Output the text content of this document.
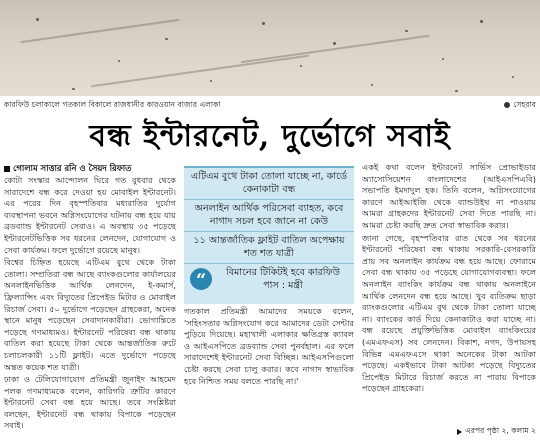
কারফিউ চলাকালে গতকাল বিকালে রাজধানীর কারওয়ান বাজার এলাকা	সেহরাব
বন্ধ ইন্টারনেট, দুর্ভোগে সবাই
গোলাম সাত্তার রনি ও সৈয়দ রিফাত

কোটা সংস্কার আন্দোলন ঘিরে গত বুধবার থেকে সারাদেশে বন্ধ করে দেওয়া হয় মোবাইল ইন্টারনেট। এর পরের দিন বৃহস্পতিবার মধ্যরাতির দুর্যোগ ব্যবস্থাপনা ভবনে অগ্নিসংযোগের ঘটনায় বন্ধ হয়ে যায় ব্রডব্যান্ড ইন্টারনেট সেবাও। এ অবস্থায় ৩৫ পড়েছে ইন্টারনেটভিত্তিক সব ধরনের লেনদেন, যোগাযোগ ও সেবা কার্যক্রম। ফলে দুর্ভোগে রয়েছে মানুষ।

বিশ্বের চিহ্নিত হয়েছে এটিএম বুথে থেকে টাকা তোলা। সম্প্রতিরা বন্ধ আছে ব্যাংকগুলোর কার্যালয়ের অনলাইনভিত্তিক আর্থিক লেনদেন, ই-কমার্স, ফ্রিল্যান্সিং এবং বিদ্যুতের প্রিপেইড মিটার ও মোবাইল রিচার্জ সেবা। ৫০ দুর্ভোগে পড়েছেন গ্রাহকেরা, অনেক স্থানে মানুষ পড়েছেন সেবাদানকারীরা। ভোগান্তিতে পড়েছে গণমাধ্যমও। ইন্টারনেট পরিষেবা বন্ধ থাকায় বাতিল করা হয়েছে টাকা থেকে আন্তর্জাতিক রুটে চলাচলকারী ১১টি ফ্লাইট। এতে দুর্ভোগে পড়েছে অন্তত কয়েক শত যাত্রী।

ঢাকা ও টেলিযোগাযোগ প্রতিমন্ত্রী জুনাইদ আহমেদ পলক গণমাধ্যমকে বলেন, কারিগরি ত্রুটির কারণে ইন্টারনেট সেবা বন্ধ হয়ে আছে। তবে সংশ্লিষ্টরা বলছেন, ইন্টারনেট বন্ধ থাকায় বিপাকে পড়েছেন সবাই।

এটিএম বুথে টাকা তোলা যাচ্ছে না, কার্ডে কেনাকাটা বন্ধ
অনলাইন আর্থিক পরিসেবা ব্যাহত, কবে নাগাদ সচল হবে জানে না কেউ
১১ আন্তর্জাতিক ফ্লাইট বাতিল অপেক্ষায় শত শত যাত্রী
“	বিমানের টিকিটই হবে কারফিউ পাস : মন্ত্রী

গতকাল প্রতিমন্ত্রী আমাদের সময়কে বলেন, 'সহিংসতার অগ্নিসংযোগ করে আমাদের ডেটা সেন্টার পুড়িয়ে দিয়েছে। মহাখালী এলাকার ক্ষতিগ্রস্ত ক্যাবল ও আইএসপিতে ব্রডব্যান্ড সেবা পুনর্বহাল। এর ফলে সারাদেশেই ইন্টারনেট সেবা বিচ্ছিন্ন। আইএসপিগুলো চেষ্টা করছে সেবা চালু করার। কবে নাগাদ স্বাভাবিক হবে নিশ্চিত সময় বলতে পারছি না।'

একই কথা বলেন ইন্টারনেট সার্ভিস প্রোভাইডার অ্যাসোসিয়েশন বাংলাদেশের (আইএসপিএবি) সভাপতি ইমদাদুল হক। তিনি বলেন, অগ্নিসংযোগের কারণে আইআইজি থেকে ব্যান্ডউইথ না পাওয়ায় আমরা গ্রাহকদের ইন্টারনেট সেবা দিতে পারছি না। আমরা চেষ্টা করছি দ্রুত সেবা স্বাভাবিক করার।

জানা গেছে, বৃহস্পতিবার রাত থেকে সব ধরনের ইন্টারনেট পরিষেবা বন্ধ থাকায় সরকারি-বেসরকারি প্রায় সব অনলাইন কার্যক্রম বন্ধ হয়ে আছে। ফোরামে সেবা বন্ধ থাকায় ৩৫ পড়েছে যোগাযোগব্যবস্থা। ফলে অনলাইন ব্যাংকিং কার্যক্রম বন্ধ থাকায় অনলাইনে আর্থিক লেনদেন বন্ধ হয়ে আছে। খুব ব্যতিক্রম ছাড়া ব্যাংকগুলোর এটিএম বুথ থেকে টাকা তোলা যাচ্ছে না। ব্যাংকের কার্ড দিয়ে কেনাকাটাও করা যাচ্ছে না। বন্ধ রয়েছে প্রযুক্তিভিত্তিক মোবাইল ব্যাংকিংয়ের (এমএফএস) সব লেনদেন। বিকাশ, নগদ, উপায়সহ বিভিন্ন এমএফএসে থাকা অনেকের টাকা আটকা পড়েছে। একইভাবে টাকা আটকা পড়েছে বিদ্যুতের প্রিপেইড মিটারে রিচার্জ করতে না পারায় বিপাকে পড়েছেন গ্রাহকেরা।

এরপর পৃষ্ঠা ২, কলাম ২
